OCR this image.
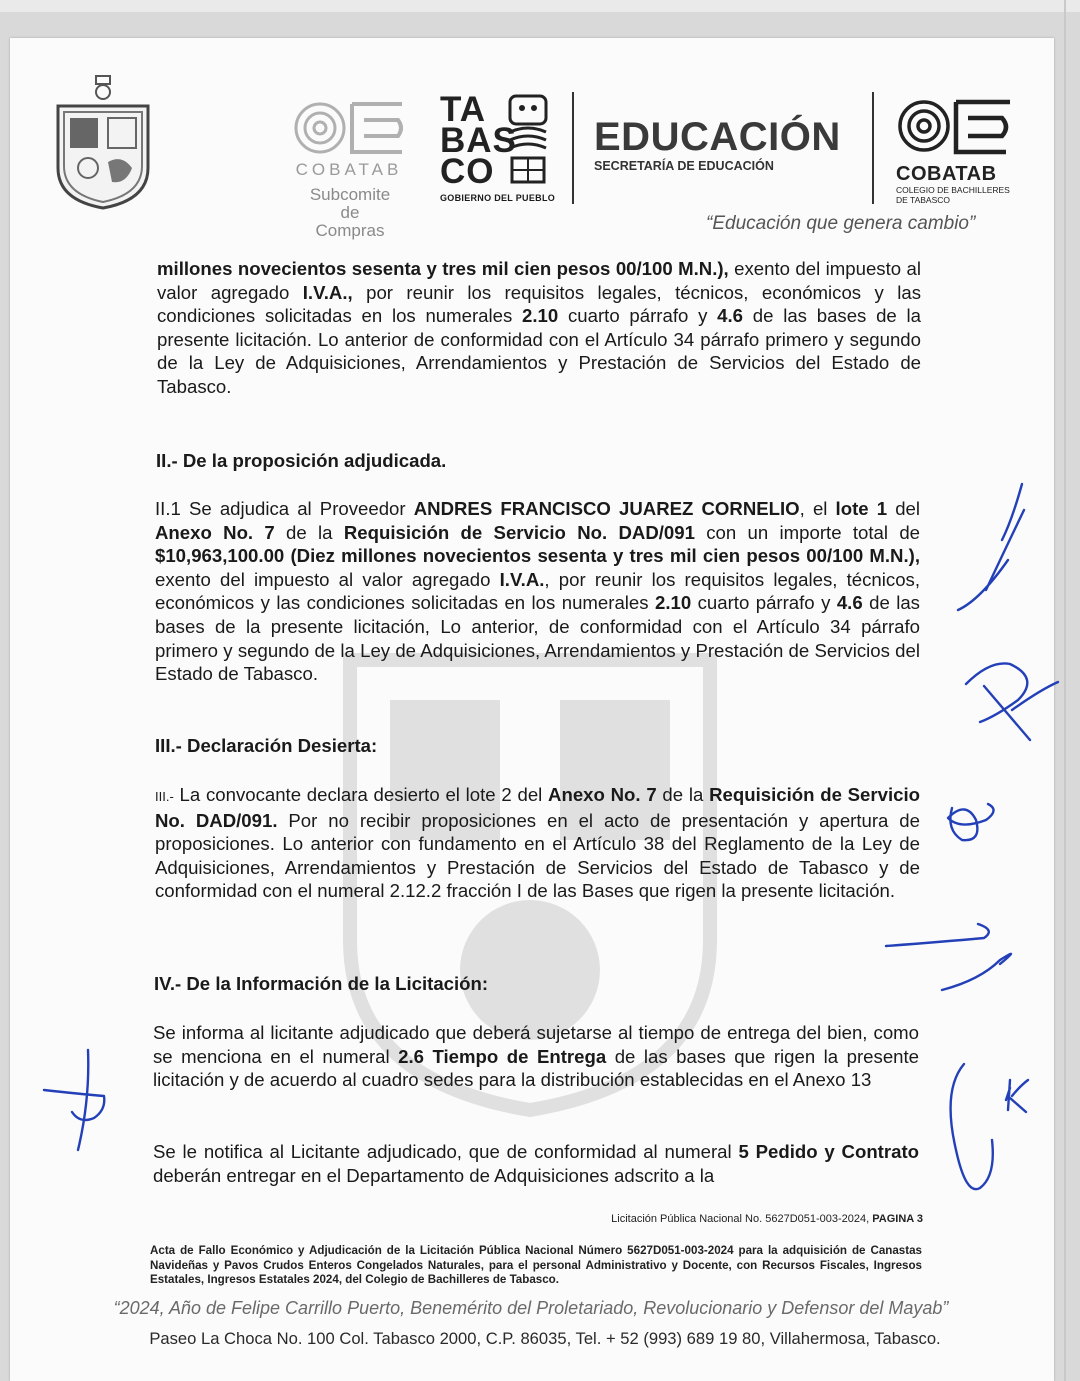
COBATAB
Subcomite
de
Compras
TA
BAS
CO
GOBIERNO DEL PUEBLO
EDUCACIÓN
SECRETARÍA DE EDUCACIÓN	COBATAB
COLEGIO DE BACHILLERES
DE TABASCO
“Educación que genera cambio”
millones novecientos sesenta y tres mil cien pesos 00/100 M.N.), exento del impuesto al valor agregado I.V.A., por reunir los requisitos legales, técnicos, económicos y las condiciones solicitadas en los numerales 2.10 cuarto párrafo y 4.6 de las bases de la presente licitación. Lo anterior de conformidad con el Artículo 34 párrafo primero y segundo de la Ley de Adquisiciones, Arrendamientos y Prestación de Servicios del Estado de Tabasco.
II.- De la proposición adjudicada.
II.1 Se adjudica al Proveedor ANDRES FRANCISCO JUAREZ CORNELIO, el lote 1 del Anexo No. 7 de la Requisición de Servicio No. DAD/091 con un importe total de $10,963,100.00 (Diez millones novecientos sesenta y tres mil cien pesos 00/100 M.N.), exento del impuesto al valor agregado I.V.A., por reunir los requisitos legales, técnicos, económicos y las condiciones solicitadas en los numerales 2.10 cuarto párrafo y 4.6 de las bases de la presente licitación, Lo anterior, de conformidad con el Artículo 34 párrafo primero y segundo de la Ley de Adquisiciones, Arrendamientos y Prestación de Servicios del Estado de Tabasco.
III.- Declaración Desierta:
III.- La convocante declara desierto el lote 2 del Anexo No. 7 de la Requisición de Servicio No. DAD/091. Por no recibir proposiciones en el acto de presentación y apertura de proposiciones. Lo anterior con fundamento en el Artículo 38 del Reglamento de la Ley de Adquisiciones, Arrendamientos y Prestación de Servicios del Estado de Tabasco y de conformidad con el numeral 2.12.2 fracción I de las Bases que rigen la presente licitación.
IV.- De la Información de la Licitación:
Se informa al licitante adjudicado que deberá sujetarse al tiempo de entrega del bien, como se menciona en el numeral 2.6 Tiempo de Entrega de las bases que rigen la presente licitación y de acuerdo al cuadro sedes para la distribución establecidas en el Anexo 13
Se le notifica al Licitante adjudicado, que de conformidad al numeral 5 Pedido y Contrato deberán entregar en el Departamento de Adquisiciones adscrito a la
Licitación Pública Nacional No. 5627D051-003-2024, PAGINA 3
Acta de Fallo Económico y Adjudicación de la Licitación Pública Nacional Número 5627D051-003-2024 para la adquisición de Canastas Navideñas y Pavos Crudos Enteros Congelados Naturales, para el personal Administrativo y Docente, con Recursos Fiscales, Ingresos Estatales, Ingresos Estatales 2024, del Colegio de Bachilleres de Tabasco.
“2024, Año de Felipe Carrillo Puerto, Benemérito del Proletariado, Revolucionario y Defensor del Mayab”
Paseo La Choca No. 100 Col. Tabasco 2000, C.P. 86035, Tel. + 52 (993) 689 19 80, Villahermosa, Tabasco.
